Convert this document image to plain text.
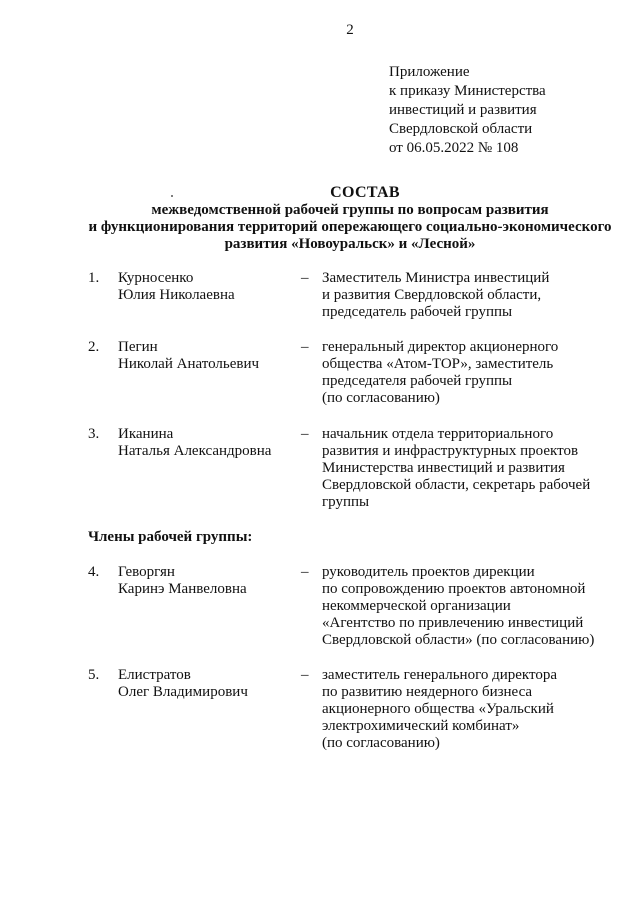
2
Приложение
к приказу Министерства
инвестиций и развития
Свердловской области
от 06.05.2022 № 108
СОСТАВ
межведомственной рабочей группы по вопросам развития
и функционирования территорий опережающего социально-экономического
развития «Новоуральск» и «Лесной»
1. Курносенко
Юлия Николаевна
– Заместитель Министра инвестиций
и развития Свердловской области,
председатель рабочей группы
2. Пегин
Николай Анатольевич
– генеральный директор акционерного
общества «Атом-ТОР», заместитель
председателя рабочей группы
(по согласованию)
3. Иканина
Наталья Александровна
– начальник отдела территориального
развития и инфраструктурных проектов
Министерства инвестиций и развития
Свердловской области, секретарь рабочей
группы
Члены рабочей группы:
4. Геворгян
Каринэ Манвеловна
– руководитель проектов дирекции
по сопровождению проектов автономной
некоммерческой организации
«Агентство по привлечению инвестиций
Свердловской области» (по согласованию)
5. Елистратов
Олег Владимирович
– заместитель генерального директора
по развитию неядерного бизнеса
акционерного общества «Уральский
электрохимический комбинат»
(по согласованию)
